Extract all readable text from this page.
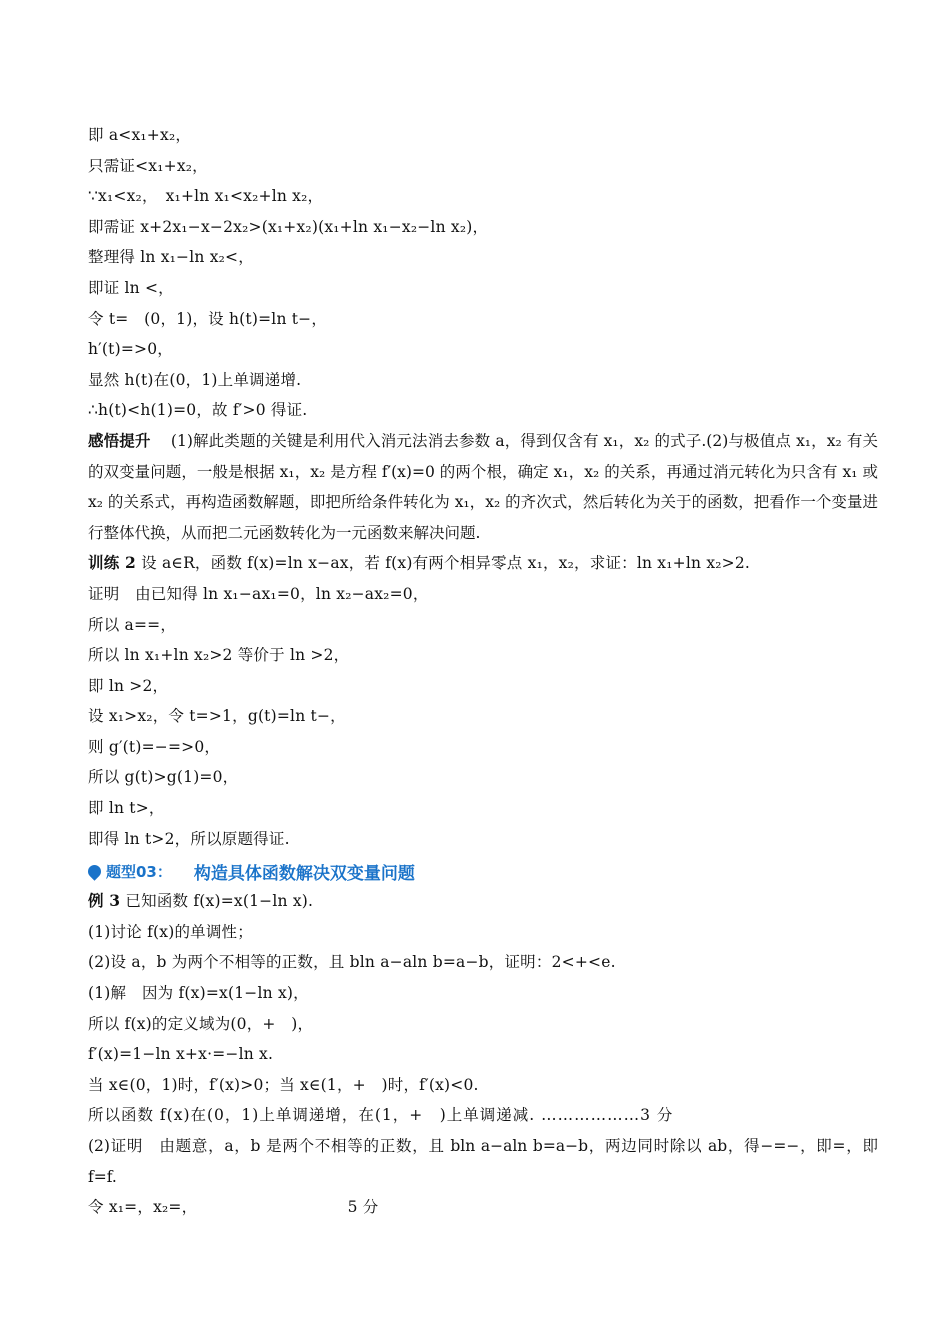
即 a<x₁+x₂，
只需证<x₁+x₂，
∵x₁<x₂，　x₁+ln x₁<x₂+ln x₂，
即需证 x+2x₁−x−2x₂>(x₁+x₂)(x₁+ln x₁−x₂−ln x₂)，
整理得 ln x₁−ln x₂<，
即证 ln <，
令 t=　(0，1)，设 h(t)=ln t−，
h′(t)=>0，
显然 h(t)在(0，1)上单调递增.
∴h(t)<h(1)=0，故 f′>0 得证.
感悟提升 (1)解此类题的关键是利用代入消元法消去参数 a，得到仅含有 x₁，x₂ 的式子.(2)与极值点 x₁，x₂ 有关的双变量问题，一般是根据 x₁，x₂ 是方程 f′(x)=0 的两个根，确定 x₁，x₂ 的关系，再通过消元转化为只含有 x₁ 或 x₂ 的关系式，再构造函数解题，即把所给条件转化为 x₁，x₂ 的齐次式，然后转化为关于的函数，把看作一个变量进行整体代换，从而把二元函数转化为一元函数来解决问题.
训练 2 设 a∈R，函数 f(x)=ln x−ax，若 f(x)有两个相异零点 x₁，x₂，求证：ln x₁+ln x₂>2.
证明　由已知得 ln x₁−ax₁=0，ln x₂−ax₂=0，
所以 a==，
所以 ln x₁+ln x₂>2 等价于 ln >2，
即 ln >2，
设 x₁>x₂，令 t=>1，g(t)=ln t−，
则 g′(t)=−=>0，
所以 g(t)>g(1)=0，
即 ln t>，
即得 ln t>2，所以原题得证.
题型03： 构造具体函数解决双变量问题
例 3 已知函数 f(x)=x(1−ln x).
(1)讨论 f(x)的单调性；
(2)设 a，b 为两个不相等的正数，且 bln a−aln b=a−b，证明：2<+<e.
(1)解　因为 f(x)=x(1−ln x)，
所以 f(x)的定义域为(0，+　)，
f′(x)=1−ln x+x·=−ln x.
当 x∈(0，1)时，f′(x)>0；当 x∈(1，+　)时，f′(x)<0.
所以函数 f(x)在(0，1)上单调递增，在(1，+　)上单调递减. ………………3 分
(2)证明　由题意，a，b 是两个不相等的正数，且 bln a−aln b=a−b，两边同时除以 ab，得−=−，即=，即 f=f.
令 x₁=，x₂=，	5 分
